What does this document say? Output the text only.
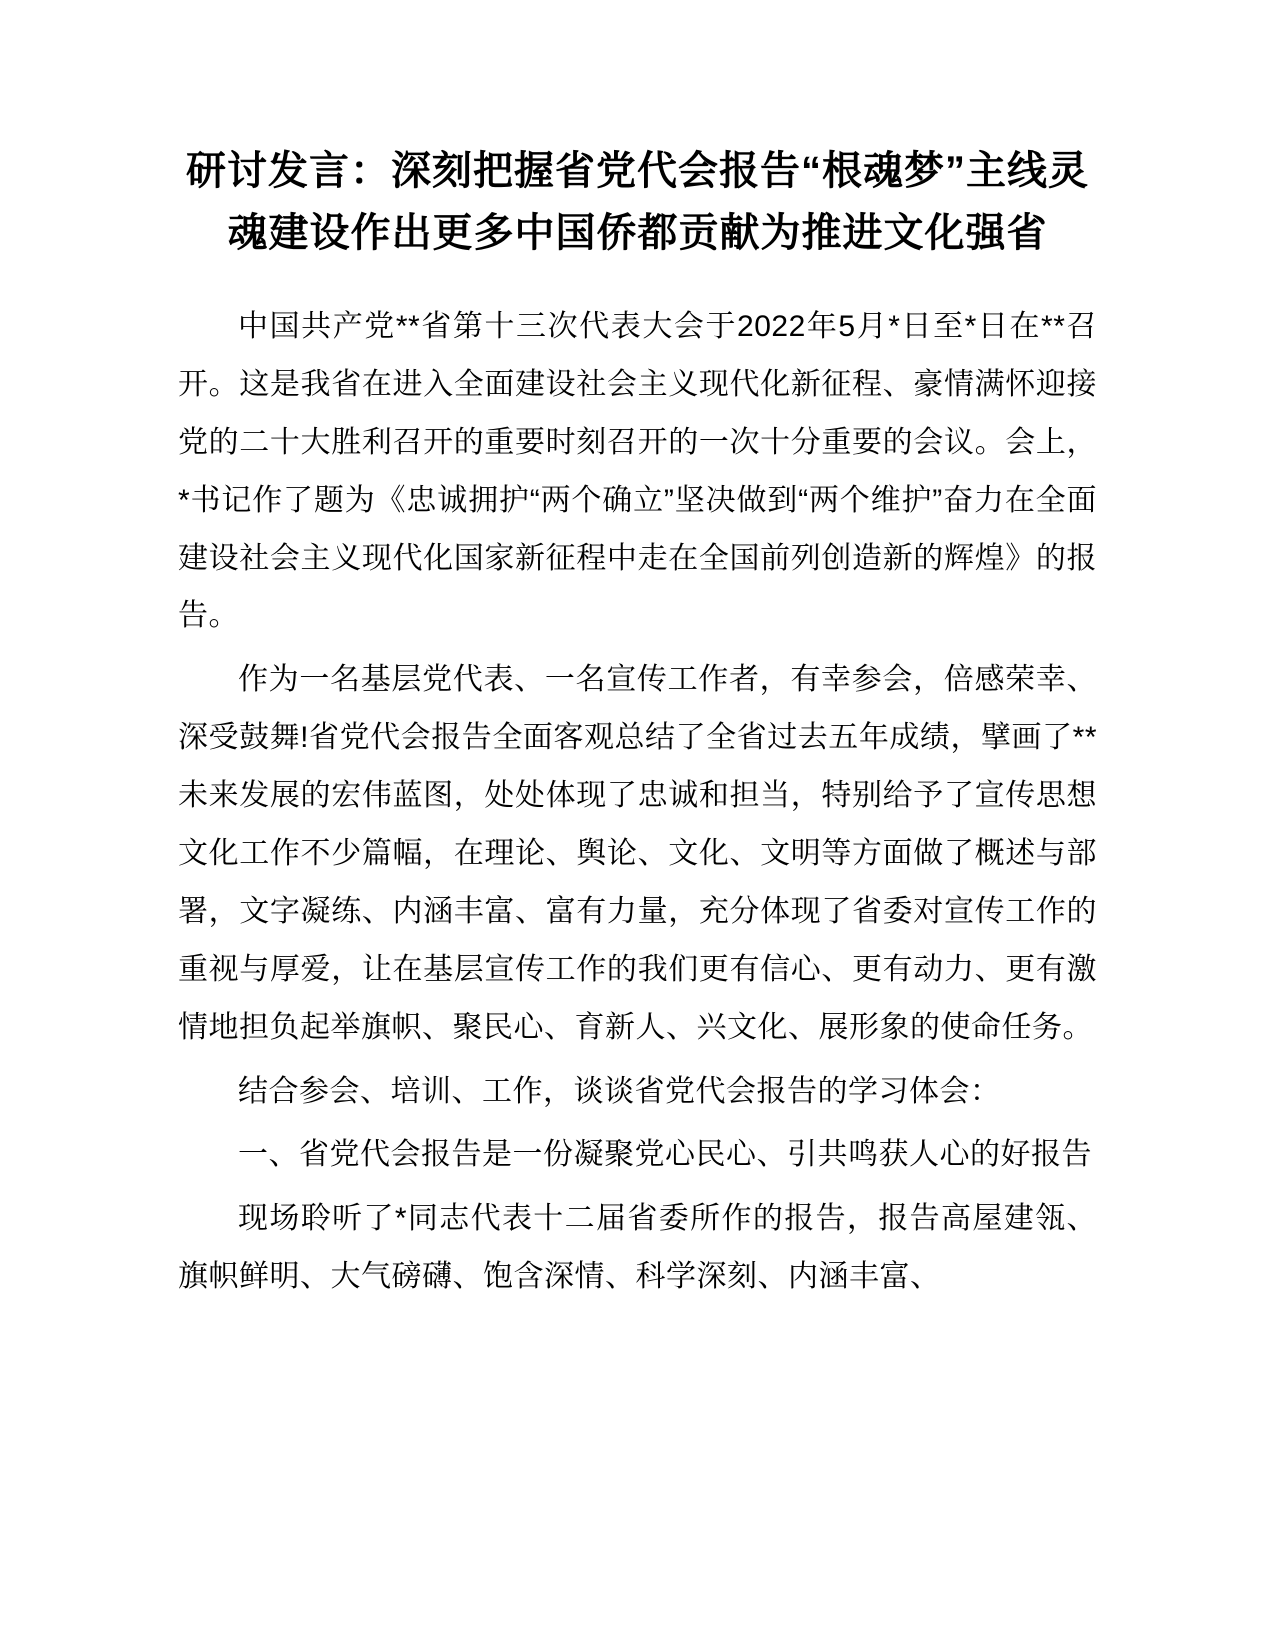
研讨发言：深刻把握省党代会报告“根魂梦”主线灵魂建设作出更多中国侨都贡献为推进文化强省

中国共产党**省第十三次代表大会于2022年5月*日至*日在**召开。这是我省在进入全面建设社会主义现代化新征程、豪情满怀迎接党的二十大胜利召开的重要时刻召开的一次十分重要的会议。会上，*书记作了题为《忠诚拥护“两个确立”坚决做到“两个维护”奋力在全面建设社会主义现代化国家新征程中走在全国前列创造新的辉煌》的报告。

作为一名基层党代表、一名宣传工作者，有幸参会，倍感荣幸、深受鼓舞!省党代会报告全面客观总结了全省过去五年成绩，擘画了**未来发展的宏伟蓝图，处处体现了忠诚和担当，特别给予了宣传思想文化工作不少篇幅，在理论、舆论、文化、文明等方面做了概述与部署，文字凝练、内涵丰富、富有力量，充分体现了省委对宣传工作的重视与厚爱，让在基层宣传工作的我们更有信心、更有动力、更有激情地担负起举旗帜、聚民心、育新人、兴文化、展形象的使命任务。

结合参会、培训、工作，谈谈省党代会报告的学习体会：

一、省党代会报告是一份凝聚党心民心、引共鸣获人心的好报告

现场聆听了*同志代表十二届省委所作的报告，报告高屋建瓴、旗帜鲜明、大气磅礴、饱含深情、科学深刻、内涵丰富、
